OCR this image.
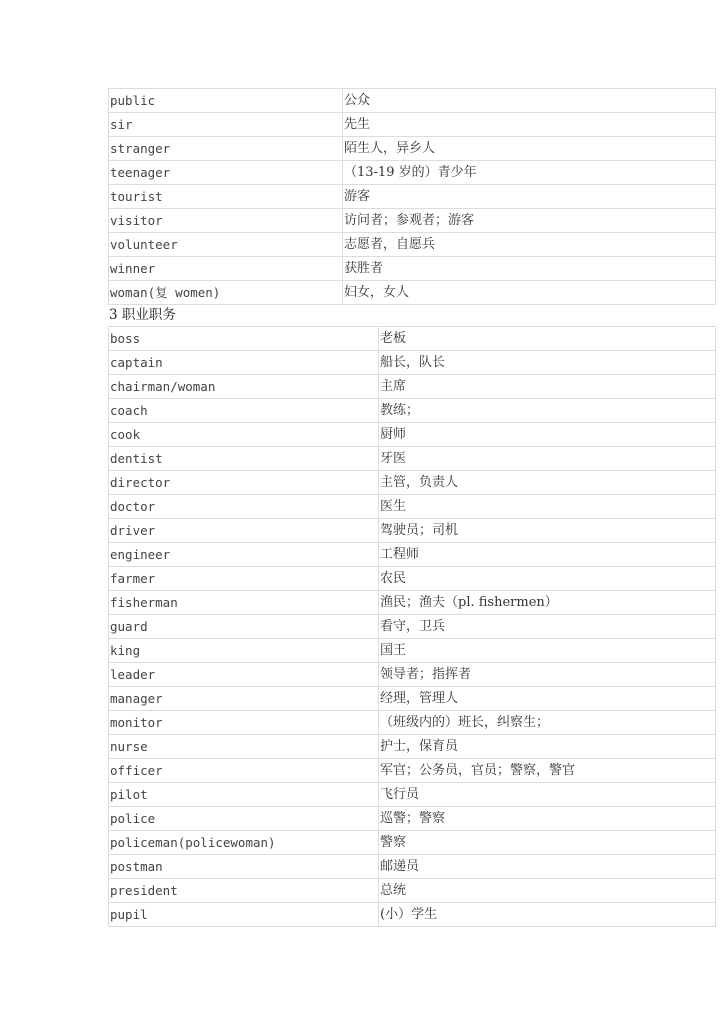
public	公众
sir	先生
stranger	陌生人，异乡人
teenager	（13-19 岁的）青少年
tourist	游客
visitor	访问者；参观者；游客
volunteer	志愿者，自愿兵
winner	获胜者
woman(复 women)	妇女，女人
3 职业职务
boss	老板
captain	船长，队长
chairman/woman	主席
coach	教练；
cook	厨师
dentist	牙医
director	主管，负责人
doctor	医生
driver	驾驶员；司机
engineer	工程师
farmer	农民
fisherman	渔民；渔夫（pl. fishermen）
guard	看守，卫兵
king	国王
leader	领导者；指挥者
manager	经理，管理人
monitor	（班级内的）班长，纠察生；
nurse	护士，保育员
officer	军官；公务员，官员；警察，警官
pilot	飞行员
police	巡警；警察
policeman(policewoman)	警察
postman	邮递员
president	总统
pupil	(小）学生
